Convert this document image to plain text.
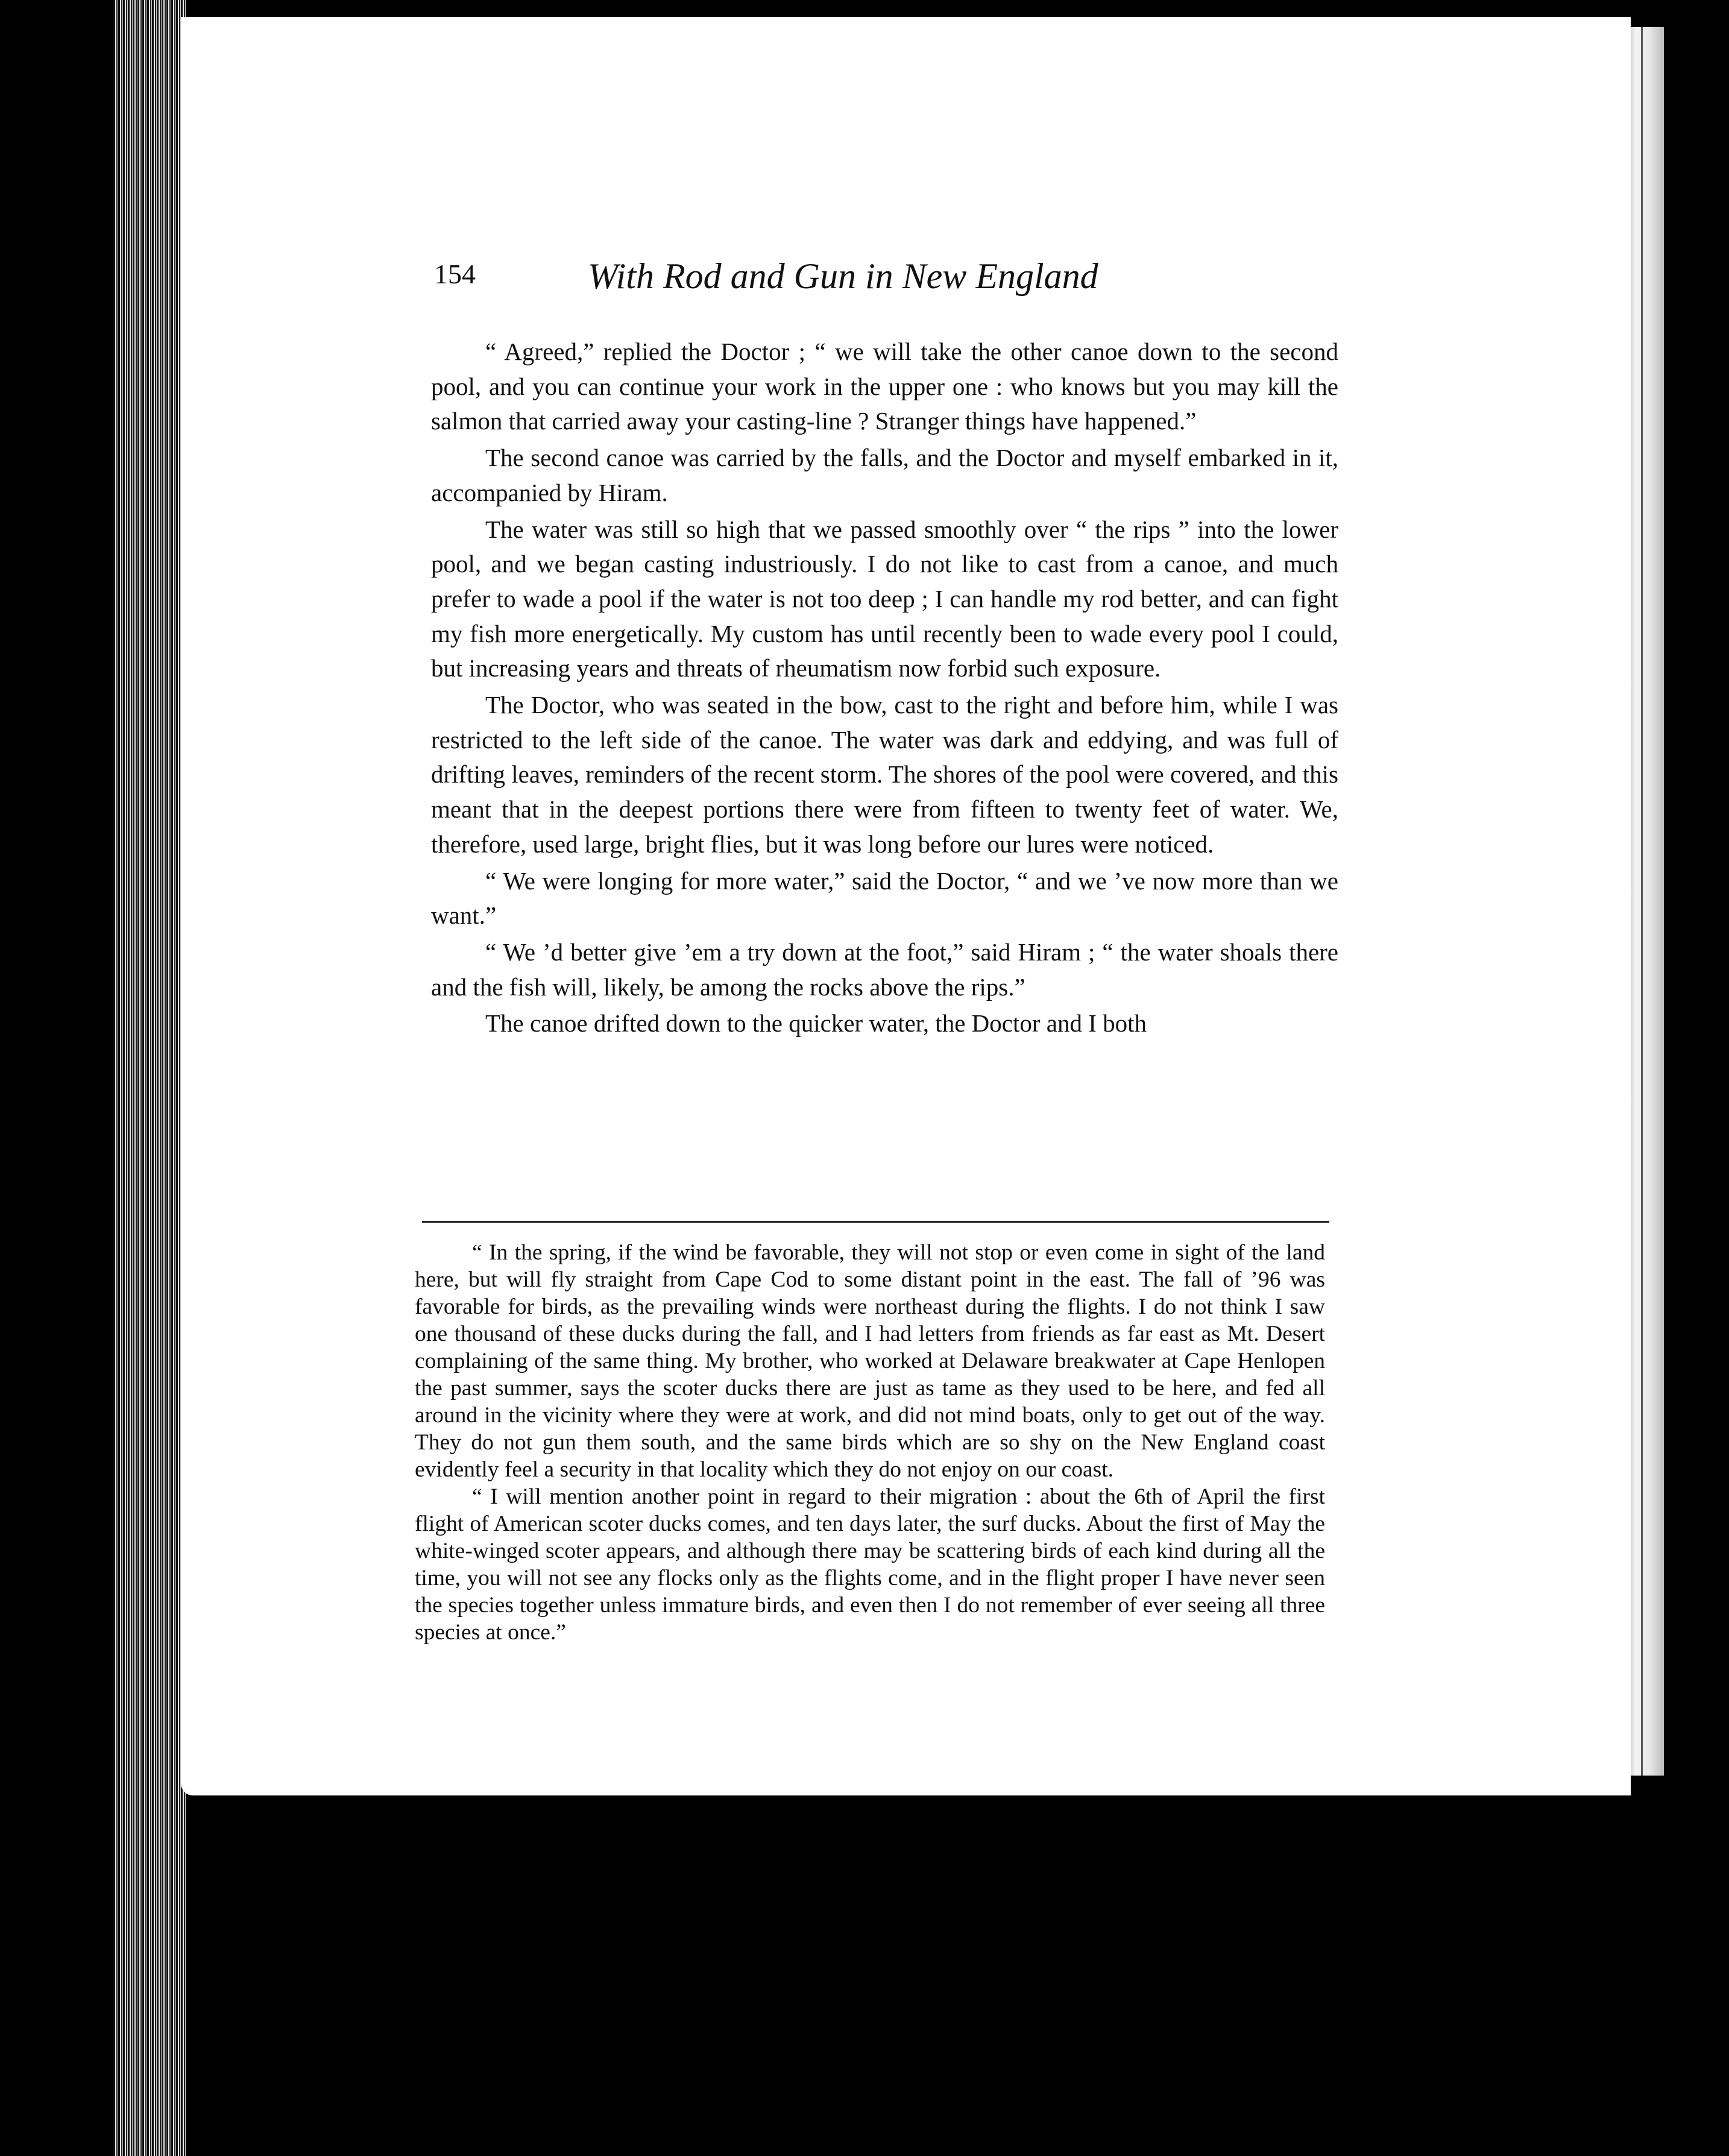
154	With Rod and Gun in New England

“ Agreed,” replied the Doctor ; “ we will take the other canoe down to the second pool, and you can continue your work in the upper one : who knows but you may kill the salmon that carried away your casting-line ? Stranger things have happened.”

The second canoe was carried by the falls, and the Doctor and myself embarked in it, accompanied by Hiram.

The water was still so high that we passed smoothly over “ the rips ” into the lower pool, and we began casting industriously. I do not like to cast from a canoe, and much prefer to wade a pool if the water is not too deep ; I can handle my rod better, and can fight my fish more energetically. My custom has until recently been to wade every pool I could, but increasing years and threats of rheumatism now forbid such exposure.

The Doctor, who was seated in the bow, cast to the right and before him, while I was restricted to the left side of the canoe. The water was dark and eddying, and was full of drifting leaves, reminders of the recent storm. The shores of the pool were covered, and this meant that in the deepest portions there were from fifteen to twenty feet of water. We, therefore, used large, bright flies, but it was long before our lures were noticed.

“ We were longing for more water,” said the Doctor, “ and we ’ve now more than we want.”

“ We ’d better give ’em a try down at the foot,” said Hiram ; “ the water shoals there and the fish will, likely, be among the rocks above the rips.”

The canoe drifted down to the quicker water, the Doctor and I both

“ In the spring, if the wind be favorable, they will not stop or even come in sight of the land here, but will fly straight from Cape Cod to some distant point in the east. The fall of ’96 was favorable for birds, as the prevailing winds were northeast during the flights. I do not think I saw one thousand of these ducks during the fall, and I had letters from friends as far east as Mt. Desert complaining of the same thing. My brother, who worked at Delaware breakwater at Cape Henlopen the past summer, says the scoter ducks there are just as tame as they used to be here, and fed all around in the vicinity where they were at work, and did not mind boats, only to get out of the way. They do not gun them south, and the same birds which are so shy on the New England coast evidently feel a security in that locality which they do not enjoy on our coast.

“ I will mention another point in regard to their migration : about the 6th of April the first flight of American scoter ducks comes, and ten days later, the surf ducks. About the first of May the white-winged scoter appears, and although there may be scattering birds of each kind during all the time, you will not see any flocks only as the flights come, and in the flight proper I have never seen the species together unless immature birds, and even then I do not remember of ever seeing all three species at once.”
